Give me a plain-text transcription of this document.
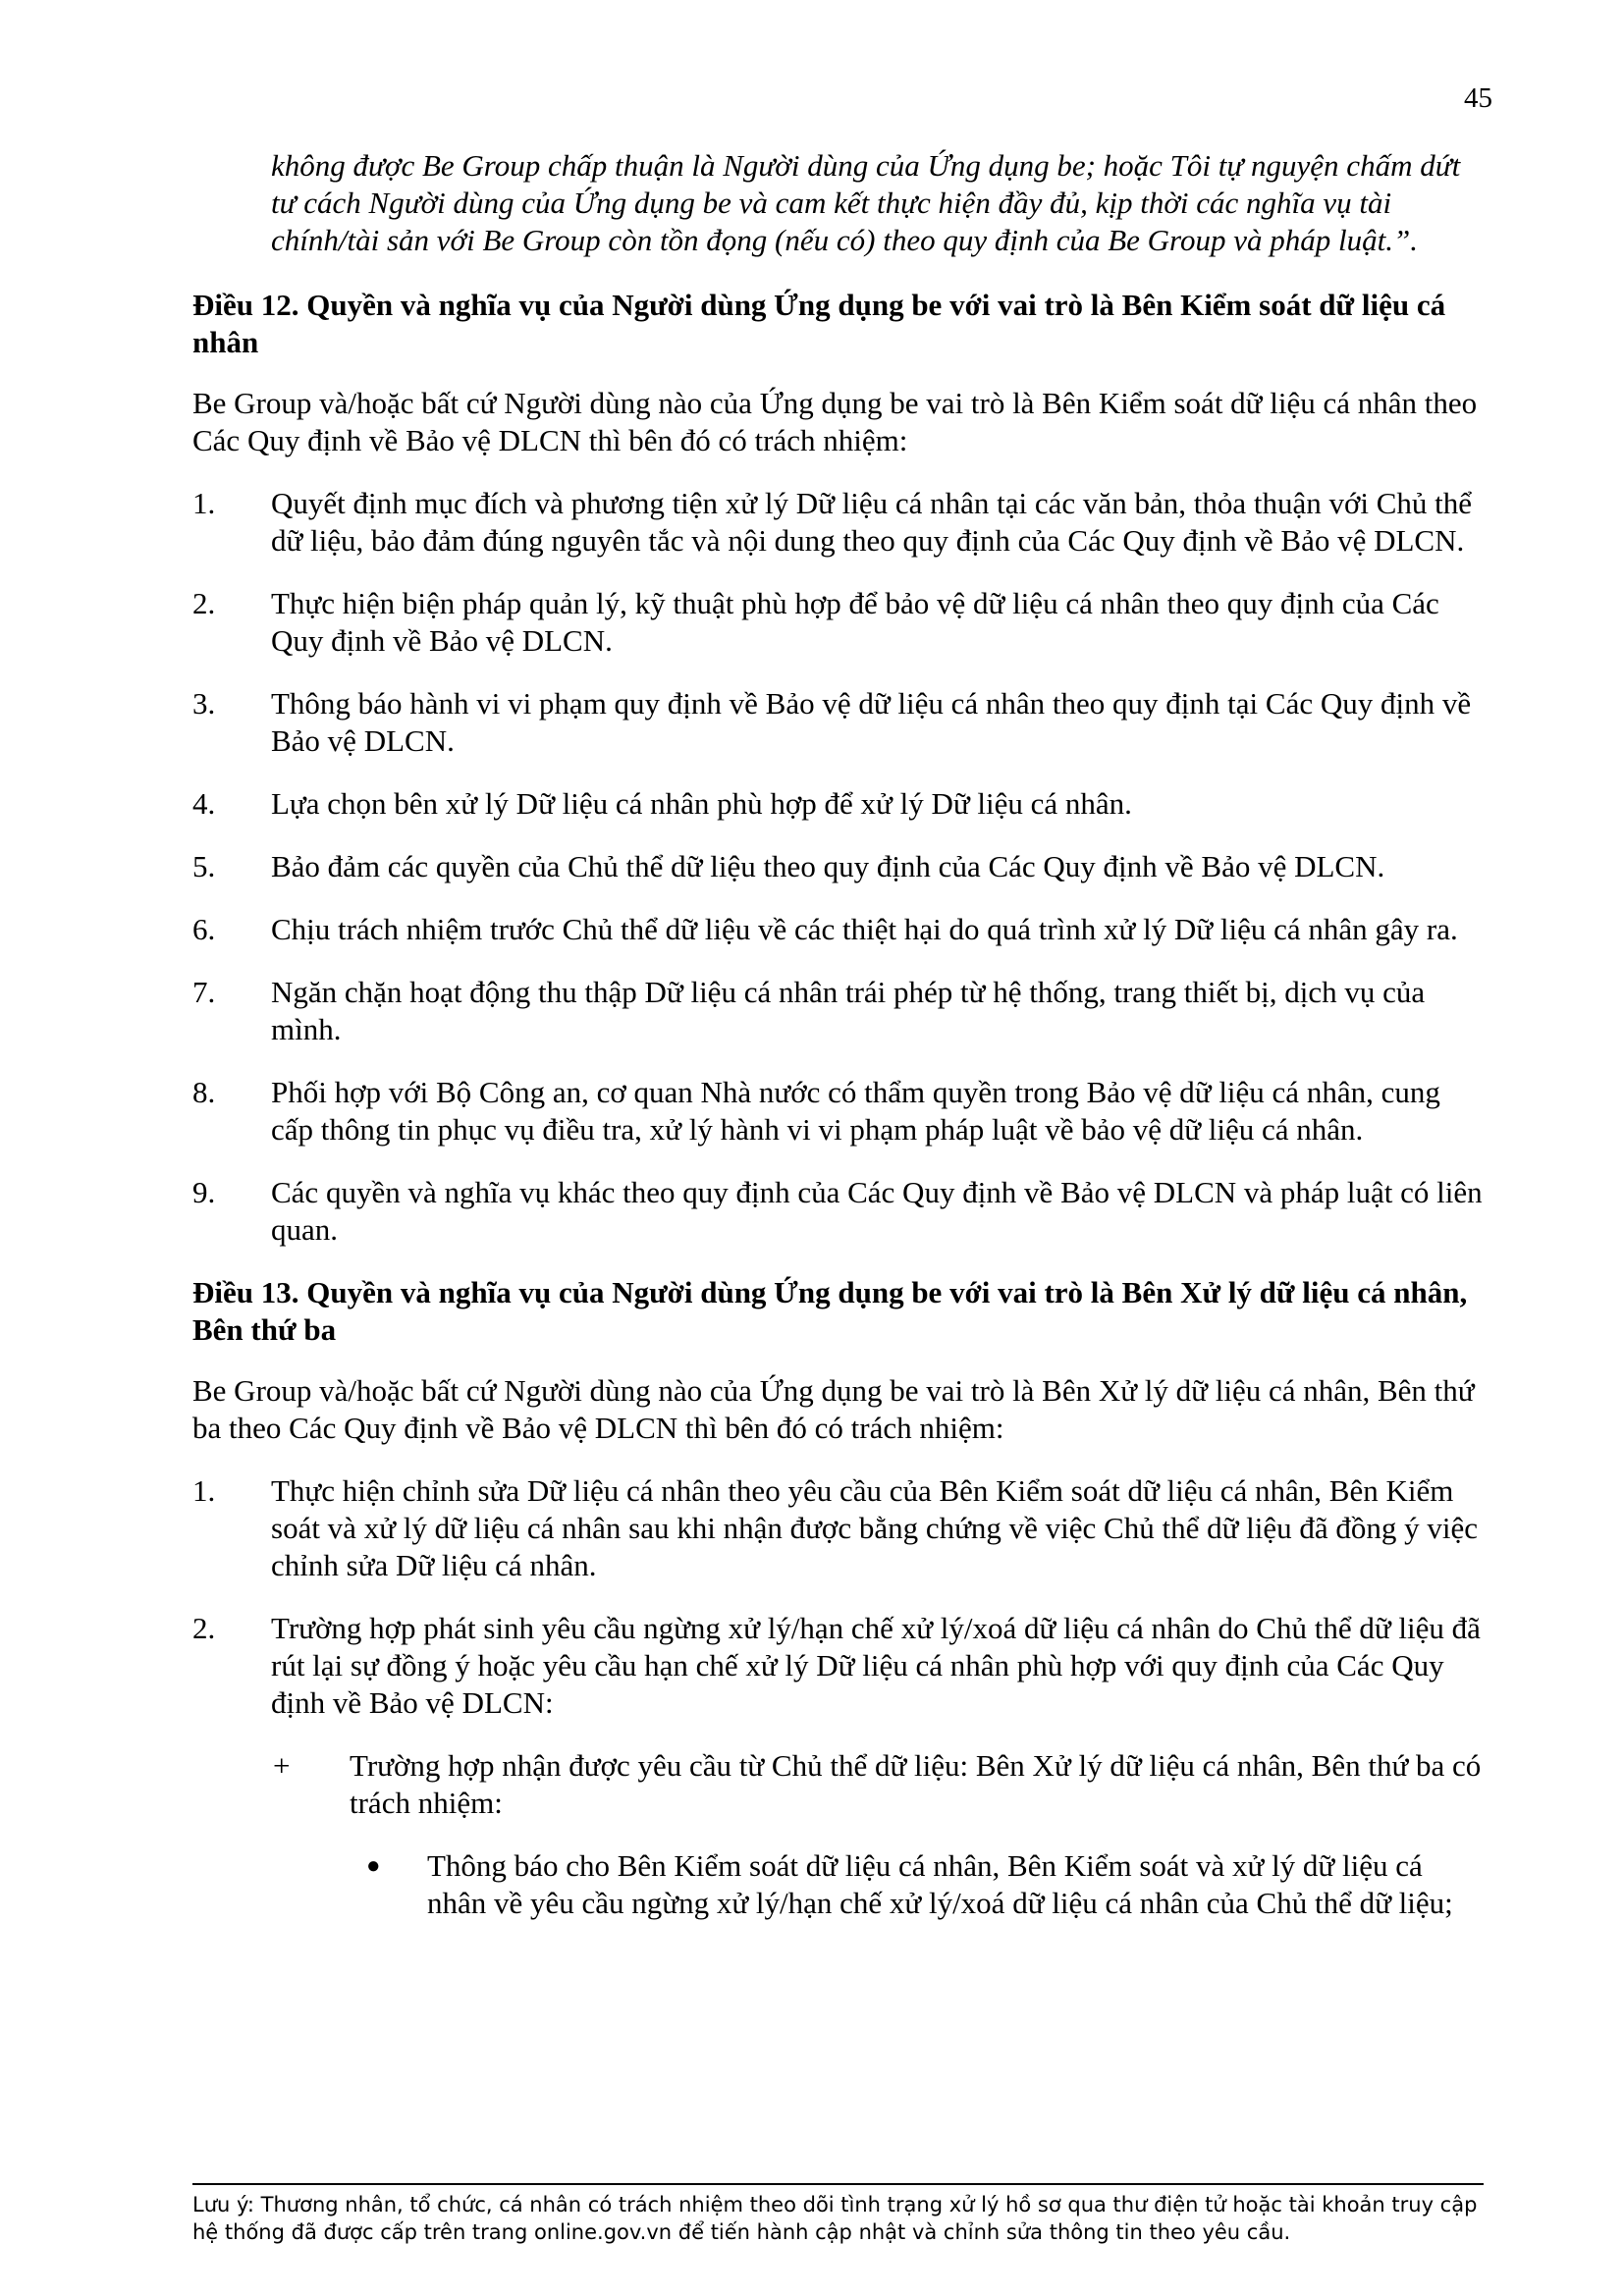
45

không được Be Group chấp thuận là Người dùng của Ứng dụng be; hoặc Tôi tự nguyện chấm dứt tư cách Người dùng của Ứng dụng be và cam kết thực hiện đầy đủ, kịp thời các nghĩa vụ tài chính/tài sản với Be Group còn tồn đọng (nếu có) theo quy định của Be Group và pháp luật.”.

Điều 12. Quyền và nghĩa vụ của Người dùng Ứng dụng be với vai trò là Bên Kiểm soát dữ liệu cá nhân

Be Group và/hoặc bất cứ Người dùng nào của Ứng dụng be vai trò là Bên Kiểm soát dữ liệu cá nhân theo Các Quy định về Bảo vệ DLCN thì bên đó có trách nhiệm:

1.	Quyết định mục đích và phương tiện xử lý Dữ liệu cá nhân tại các văn bản, thỏa thuận với Chủ thể dữ liệu, bảo đảm đúng nguyên tắc và nội dung theo quy định của Các Quy định về Bảo vệ DLCN.
2.	Thực hiện biện pháp quản lý, kỹ thuật phù hợp để bảo vệ dữ liệu cá nhân theo quy định của Các Quy định về Bảo vệ DLCN.
3.	Thông báo hành vi vi phạm quy định về Bảo vệ dữ liệu cá nhân theo quy định tại Các Quy định về Bảo vệ DLCN.
4.	Lựa chọn bên xử lý Dữ liệu cá nhân phù hợp để xử lý Dữ liệu cá nhân.
5.	Bảo đảm các quyền của Chủ thể dữ liệu theo quy định của Các Quy định về Bảo vệ DLCN.
6.	Chịu trách nhiệm trước Chủ thể dữ liệu về các thiệt hại do quá trình xử lý Dữ liệu cá nhân gây ra.
7.	Ngăn chặn hoạt động thu thập Dữ liệu cá nhân trái phép từ hệ thống, trang thiết bị, dịch vụ của mình.
8.	Phối hợp với Bộ Công an, cơ quan Nhà nước có thẩm quyền trong Bảo vệ dữ liệu cá nhân, cung cấp thông tin phục vụ điều tra, xử lý hành vi vi phạm pháp luật về bảo vệ dữ liệu cá nhân.
9.	Các quyền và nghĩa vụ khác theo quy định của Các Quy định về Bảo vệ DLCN và pháp luật có liên quan.
Điều 13. Quyền và nghĩa vụ của Người dùng Ứng dụng be với vai trò là Bên Xử lý dữ liệu cá nhân, Bên thứ ba

Be Group và/hoặc bất cứ Người dùng nào của Ứng dụng be vai trò là Bên Xử lý dữ liệu cá nhân, Bên thứ ba theo Các Quy định về Bảo vệ DLCN thì bên đó có trách nhiệm:

1.	Thực hiện chỉnh sửa Dữ liệu cá nhân theo yêu cầu của Bên Kiểm soát dữ liệu cá nhân, Bên Kiểm soát và xử lý dữ liệu cá nhân sau khi nhận được bằng chứng về việc Chủ thể dữ liệu đã đồng ý việc chỉnh sửa Dữ liệu cá nhân.
2.	Trường hợp phát sinh yêu cầu ngừng xử lý/hạn chế xử lý/xoá dữ liệu cá nhân do Chủ thể dữ liệu đã rút lại sự đồng ý hoặc yêu cầu hạn chế xử lý Dữ liệu cá nhân phù hợp với quy định của Các Quy định về Bảo vệ DLCN:
+	Trường hợp nhận được yêu cầu từ Chủ thể dữ liệu: Bên Xử lý dữ liệu cá nhân, Bên thứ ba có trách nhiệm:
●	Thông báo cho Bên Kiểm soát dữ liệu cá nhân, Bên Kiểm soát và xử lý dữ liệu cá nhân về yêu cầu ngừng xử lý/hạn chế xử lý/xoá dữ liệu cá nhân của Chủ thể dữ liệu;
Lưu ý: Thương nhân, tổ chức, cá nhân có trách nhiệm theo dõi tình trạng xử lý hồ sơ qua thư điện tử hoặc tài khoản truy cập hệ thống đã được cấp trên trang online.gov.vn để tiến hành cập nhật và chỉnh sửa thông tin theo yêu cầu.
